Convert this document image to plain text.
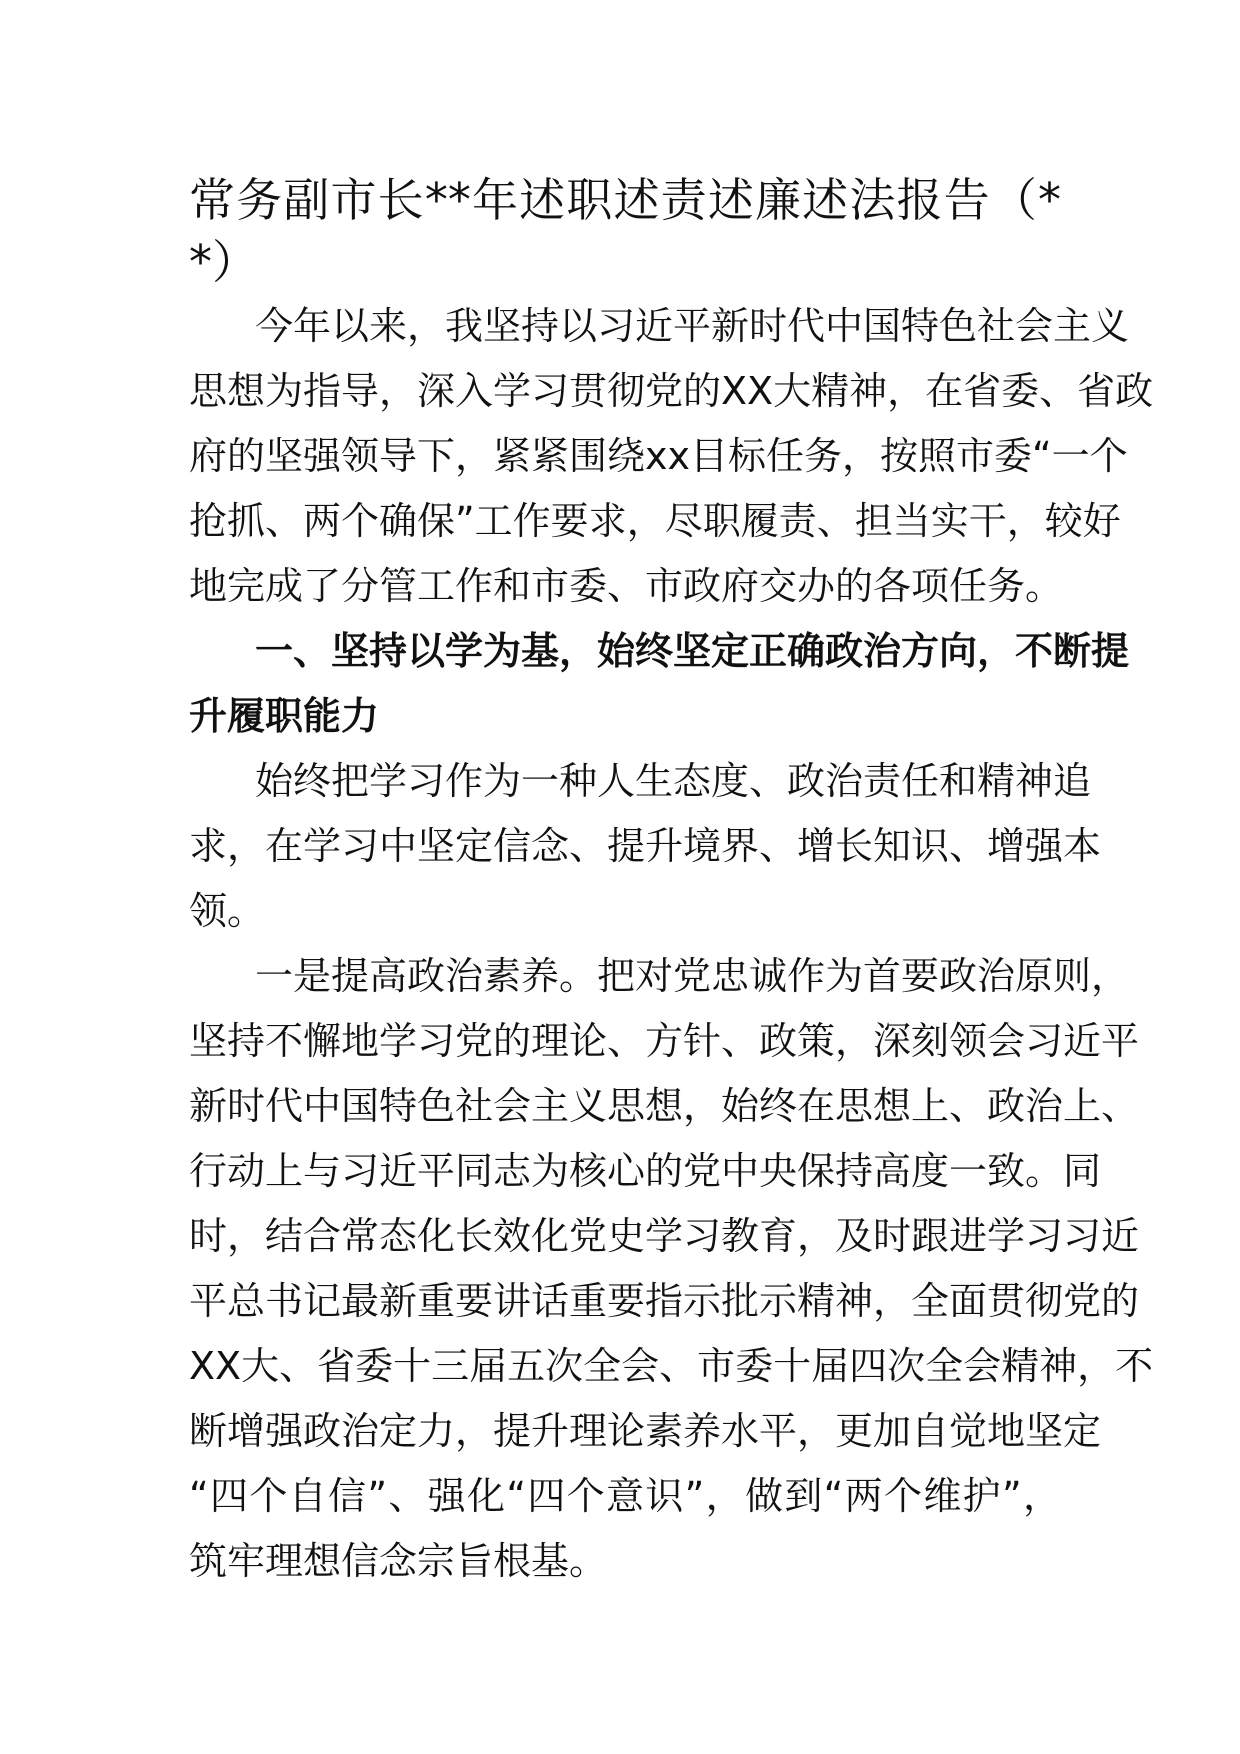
常务副市长**年述职述责述廉述法报告（*
*）
今年以来，我坚持以习近平新时代中国特色社会主义
思想为指导，深入学习贯彻党的XX大精神，在省委、省政
府的坚强领导下，紧紧围绕xx目标任务，按照市委“一个
抢抓、两个确保”工作要求，尽职履责、担当实干，较好
地完成了分管工作和市委、市政府交办的各项任务。
一、坚持以学为基，始终坚定正确政治方向，不断提
升履职能力
始终把学习作为一种人生态度、政治责任和精神追
求，在学习中坚定信念、提升境界、增长知识、增强本
领。
一是提高政治素养。把对党忠诚作为首要政治原则，
坚持不懈地学习党的理论、方针、政策，深刻领会习近平
新时代中国特色社会主义思想，始终在思想上、政治上、
行动上与习近平同志为核心的党中央保持高度一致。同
时，结合常态化长效化党史学习教育，及时跟进学习习近
平总书记最新重要讲话重要指示批示精神，全面贯彻党的
XX大、省委十三届五次全会、市委十届四次全会精神，不
断增强政治定力，提升理论素养水平，更加自觉地坚定
“四个自信”、强化“四个意识”，做到“两个维护”，
筑牢理想信念宗旨根基。
